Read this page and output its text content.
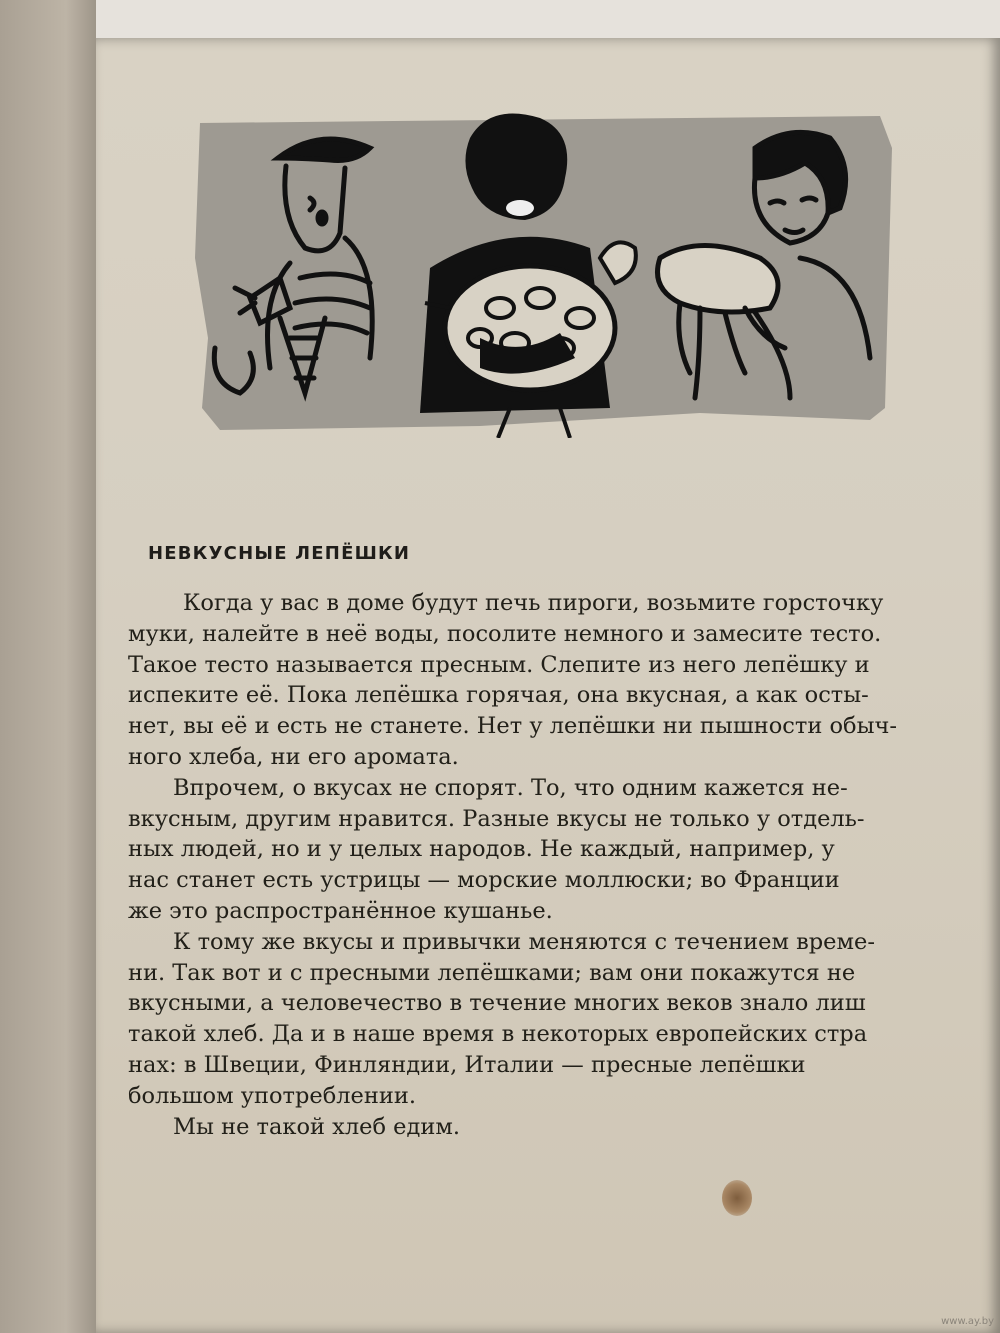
НЕВКУСНЫЕ ЛЕПЁШКИ
Когда у вас в доме будут печь пироги, возьмите горсточку
муки, налейте в неё воды, посолите немного и замесите тесто.
Такое тесто называется пресным. Слепите из него лепёшку и
испеките её. Пока лепёшка горячая, она вкусная, а как осты-
нет, вы её и есть не станете. Нет у лепёшки ни пышности обыч-
ного хлеба, ни его аромата.
Впрочем, о вкусах не спорят. То, что одним кажется не-
вкусным, другим нравится. Разные вкусы не только у отдель-
ных людей, но и у целых народов. Не каждый, например, у
нас станет есть устрицы — морские моллюски; во Франции
же это распространённое кушанье.
К тому же вкусы и привычки меняются с течением време-
ни. Так вот и с пресными лепёшками; вам они покажутся не
вкусными, а человечество в течение многих веков знало лиш
такой хлеб. Да и в наше время в некоторых европейских стра
нах: в Швеции, Финляндии, Италии — пресные лепёшки
большом употреблении.
Мы не такой хлеб едим.
www.ay.by
